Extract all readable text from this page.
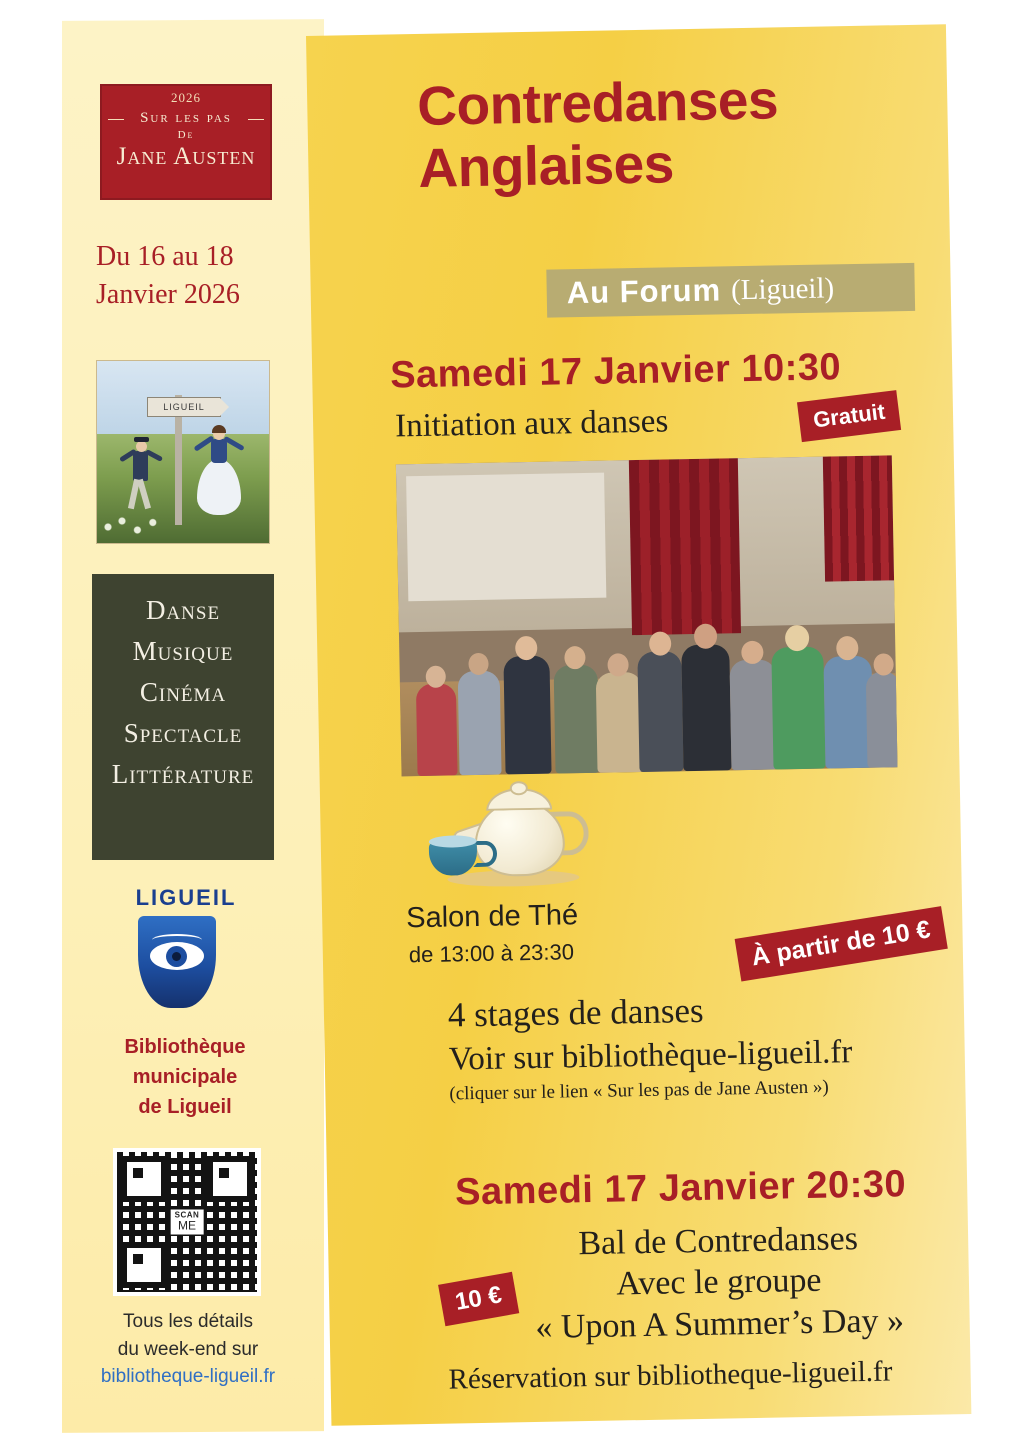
2026
Sur les pas
De
Jane Austen
Du 16 au 18
Janvier 2026
LIGUEIL
Danse
Musique
Cinéma
Spectacle
Littérature
LIGUEIL
Bibliothèque
municipale
de Ligueil
SCAN
ME
Tous les détails
du week-end sur
bibliotheque-ligueil.fr
Contredanses
Anglaises
Au Forum (Ligueil)
Samedi 17 Janvier 10:30
Initiation aux danses	Gratuit
Salon de Thé
de 13:00 à 23:30	À partir de 10 €
4 stages de danses
Voir sur bibliothèque-ligueil.fr
(cliquer sur le lien « Sur les pas de Jane Austen »)
Samedi 17 Janvier 20:30
10 €
Bal de Contredanses
Avec le groupe
« Upon A Summer’s Day »
Réservation sur bibliotheque-ligueil.fr
